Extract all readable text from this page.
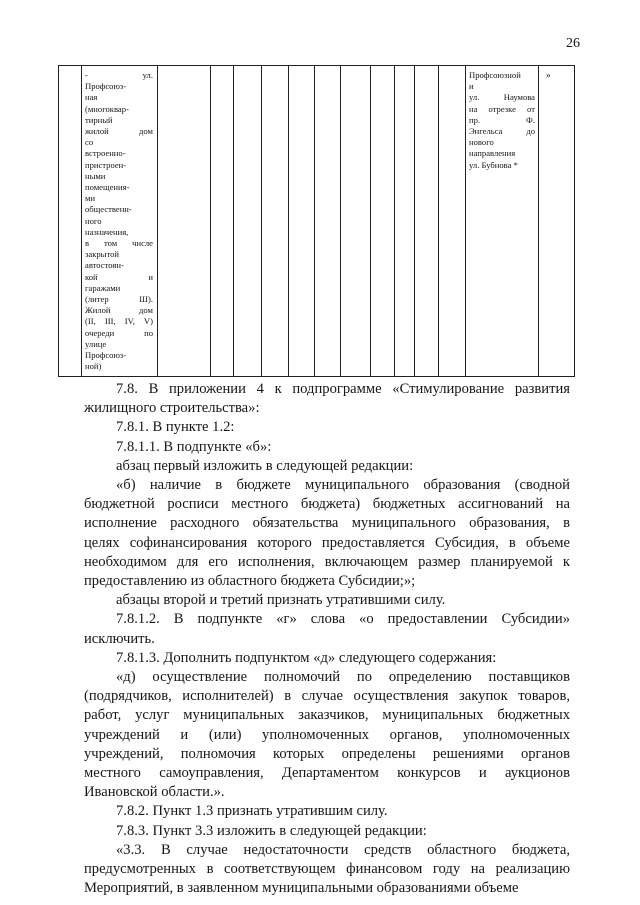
26
- ул.
Профсоюз-
ная
(многоквар-
тирный
жилой дом
со
встроенно-
пристроен-
ными
помещения-
ми
общественн-
ного
назначения,
в том числе
закрытой
автостоян-
кой и
гаражами
(литер Ш).
Жилой дом
(II, III, IV, V)
очереди по
улице
Профсоюз-
ной)
Профсоюзной
и
ул. Наумова
на отрезке от
пр. Ф.
Энгельса до
нового
направления
ул. Бубнова *
»
7.8. В приложении 4 к подпрограмме «Стимулирование развития
жилищного строительства»:
7.8.1. В пункте 1.2:
7.8.1.1. В подпункте «б»:
абзац первый изложить в следующей редакции:
«б) наличие в бюджете муниципального образования (сводной
бюджетной росписи местного бюджета) бюджетных ассигнований на
исполнение расходного обязательства муниципального образования, в
целях софинансирования которого предоставляется Субсидия, в объеме
необходимом для его исполнения, включающем размер планируемой к
предоставлению из областного бюджета Субсидии;»;
абзацы второй и третий признать утратившими силу.
7.8.1.2. В подпункте «г» слова «о предоставлении Субсидии»
исключить.
7.8.1.3. Дополнить подпунктом «д» следующего содержания:
«д) осуществление полномочий по определению поставщиков
(подрядчиков, исполнителей) в случае осуществления закупок товаров,
работ, услуг муниципальных заказчиков, муниципальных бюджетных
учреждений и (или) уполномоченных органов, уполномоченных
учреждений, полномочия которых определены решениями органов
местного самоуправления, Департаментом конкурсов и аукционов
Ивановской области.».
7.8.2. Пункт 1.3 признать утратившим силу.
7.8.3. Пункт 3.3 изложить в следующей редакции:
«3.3. В случае недостаточности средств областного бюджета,
предусмотренных в соответствующем финансовом году на реализацию
Мероприятий, в заявленном муниципальными образованиями объеме
